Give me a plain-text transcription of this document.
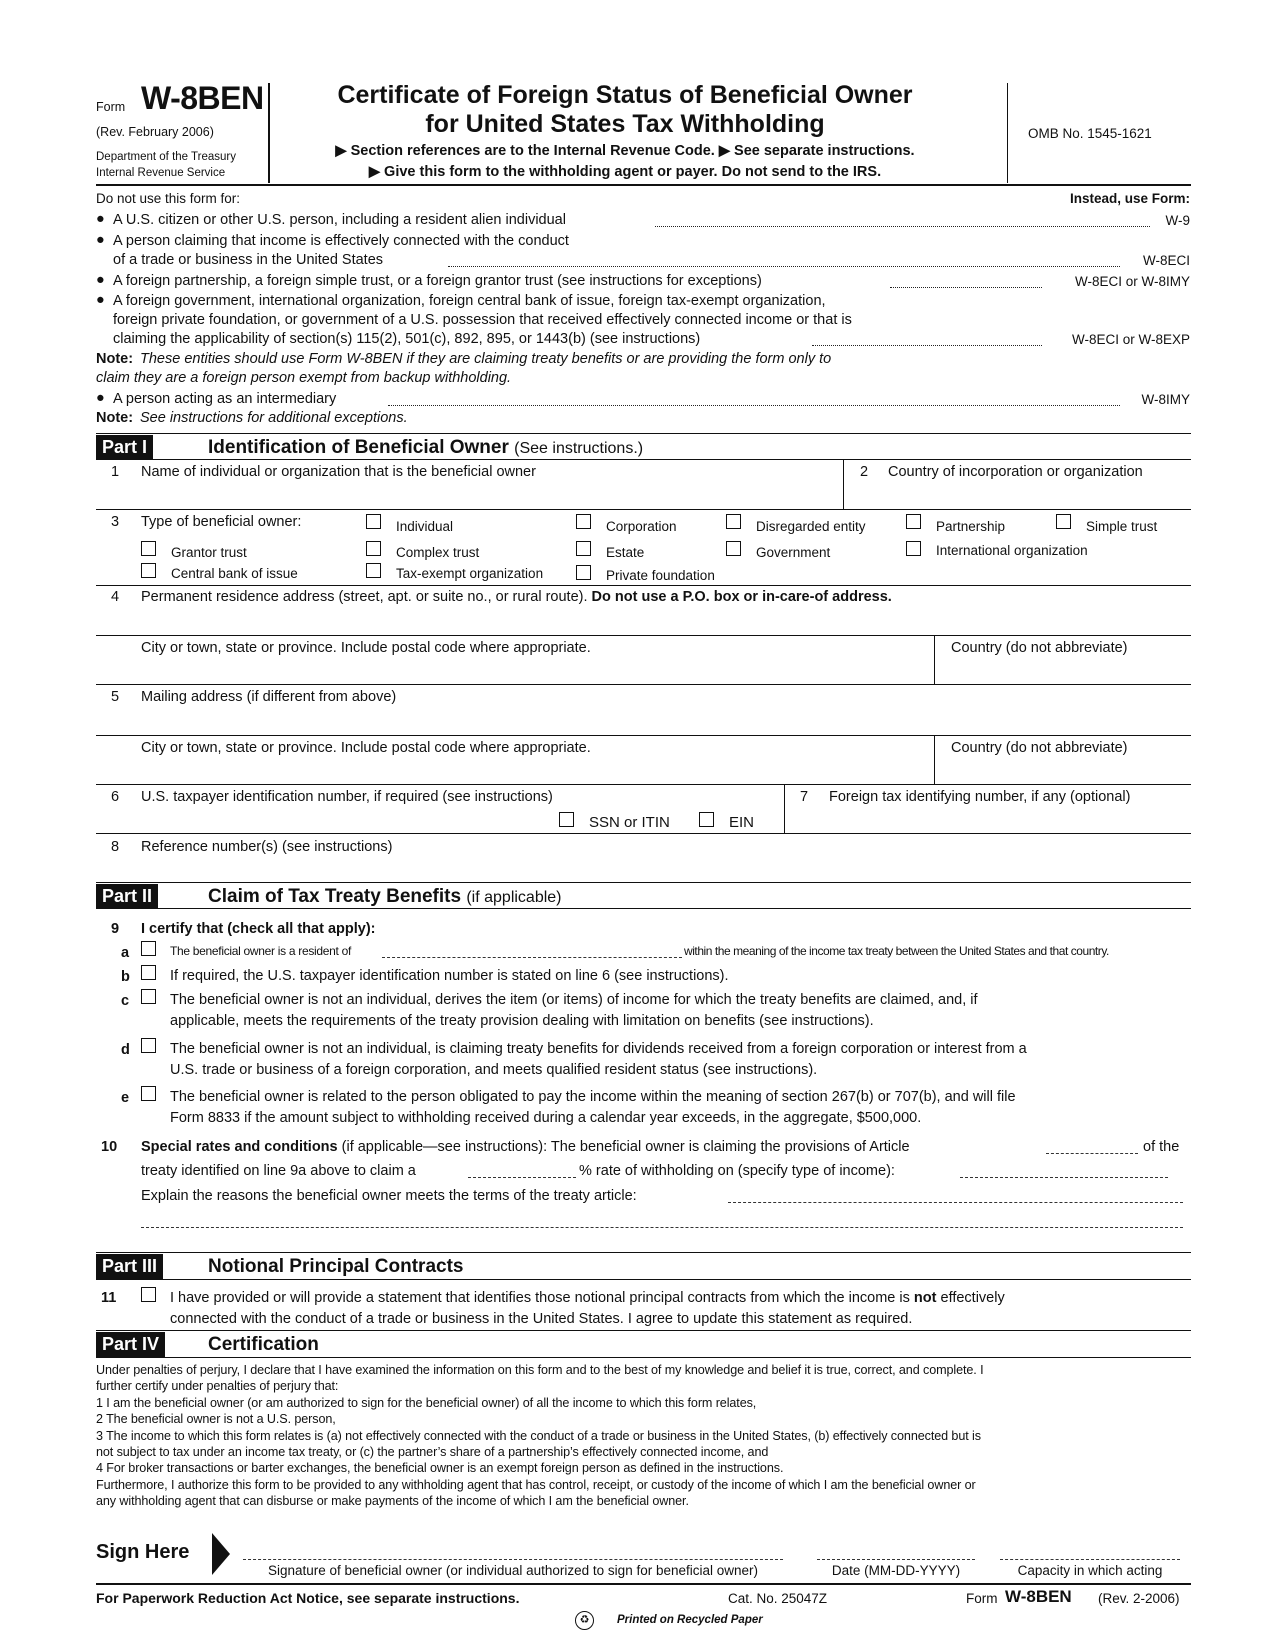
Form W-8BEN
(Rev. February 2006)
Department of the Treasury
Internal Revenue Service
Certificate of Foreign Status of Beneficial Owner
for United States Tax Withholding
▶ Section references are to the Internal Revenue Code. ▶ See separate instructions.
▶ Give this form to the withholding agent or payer. Do not send to the IRS.
OMB No. 1545-1621
Do not use this form for:	Instead, use Form:
● A U.S. citizen or other U.S. person, including a resident alien individual	W-9
● A person claiming that income is effectively connected with the conduct
of a trade or business in the United States	W-8ECI
● A foreign partnership, a foreign simple trust, or a foreign grantor trust (see instructions for exceptions)	W-8ECI or W-8IMY
● A foreign government, international organization, foreign central bank of issue, foreign tax-exempt organization,
foreign private foundation, or government of a U.S. possession that received effectively connected income or that is
claiming the applicability of section(s) 115(2), 501(c), 892, 895, or 1443(b) (see instructions)	W-8ECI or W-8EXP
Note: These entities should use Form W-8BEN if they are claiming treaty benefits or are providing the form only to
claim they are a foreign person exempt from backup withholding.
● A person acting as an intermediary	W-8IMY
Note: See instructions for additional exceptions.
Part I	Identification of Beneficial Owner (See instructions.)
1 Name of individual or organization that is the beneficial owner	2 Country of incorporation or organization
3 Type of beneficial owner:	Individual	Corporation	Disregarded entity	Partnership	Simple trust
Grantor trust	Complex trust	Estate	Government	International organization
Central bank of issue	Tax-exempt organization	Private foundation
4 Permanent residence address (street, apt. or suite no., or rural route). Do not use a P.O. box or in-care-of address.
City or town, state or province. Include postal code where appropriate.	Country (do not abbreviate)
5 Mailing address (if different from above)
City or town, state or province. Include postal code where appropriate.	Country (do not abbreviate)
6 U.S. taxpayer identification number, if required (see instructions)
SSN or ITIN	EIN
7 Foreign tax identifying number, if any (optional)
8 Reference number(s) (see instructions)
Part II	Claim of Tax Treaty Benefits (if applicable)
9 I certify that (check all that apply):
a	The beneficial owner is a resident of	within the meaning of the income tax treaty between the United States and that country.
b	If required, the U.S. taxpayer identification number is stated on line 6 (see instructions).
c	The beneficial owner is not an individual, derives the item (or items) of income for which the treaty benefits are claimed, and, if
applicable, meets the requirements of the treaty provision dealing with limitation on benefits (see instructions).
d	The beneficial owner is not an individual, is claiming treaty benefits for dividends received from a foreign corporation or interest from a
U.S. trade or business of a foreign corporation, and meets qualified resident status (see instructions).
e	The beneficial owner is related to the person obligated to pay the income within the meaning of section 267(b) or 707(b), and will file
Form 8833 if the amount subject to withholding received during a calendar year exceeds, in the aggregate, $500,000.
10 Special rates and conditions (if applicable—see instructions): The beneficial owner is claiming the provisions of Article	of the
treaty identified on line 9a above to claim a	% rate of withholding on (specify type of income):
Explain the reasons the beneficial owner meets the terms of the treaty article:
Part III	Notional Principal Contracts
11	I have provided or will provide a statement that identifies those notional principal contracts from which the income is not effectively
connected with the conduct of a trade or business in the United States. I agree to update this statement as required.
Part IV	Certification

Under penalties of perjury, I declare that I have examined the information on this form and to the best of my knowledge and belief it is true, correct, and complete. I

further certify under penalties of perjury that:

1 I am the beneficial owner (or am authorized to sign for the beneficial owner) of all the income to which this form relates,

2 The beneficial owner is not a U.S. person,

3 The income to which this form relates is (a) not effectively connected with the conduct of a trade or business in the United States, (b) effectively connected but is

not subject to tax under an income tax treaty, or (c) the partner’s share of a partnership’s effectively connected income, and

4 For broker transactions or barter exchanges, the beneficial owner is an exempt foreign person as defined in the instructions.

Furthermore, I authorize this form to be provided to any withholding agent that has control, receipt, or custody of the income of which I am the beneficial owner or

any withholding agent that can disburse or make payments of the income of which I am the beneficial owner.

Sign Here
Signature of beneficial owner (or individual authorized to sign for beneficial owner)	Date (MM-DD-YYYY)	Capacity in which acting
For Paperwork Reduction Act Notice, see separate instructions.	Cat. No. 25047Z	Form W-8BEN (Rev. 2-2006)
♻	Printed on Recycled Paper
